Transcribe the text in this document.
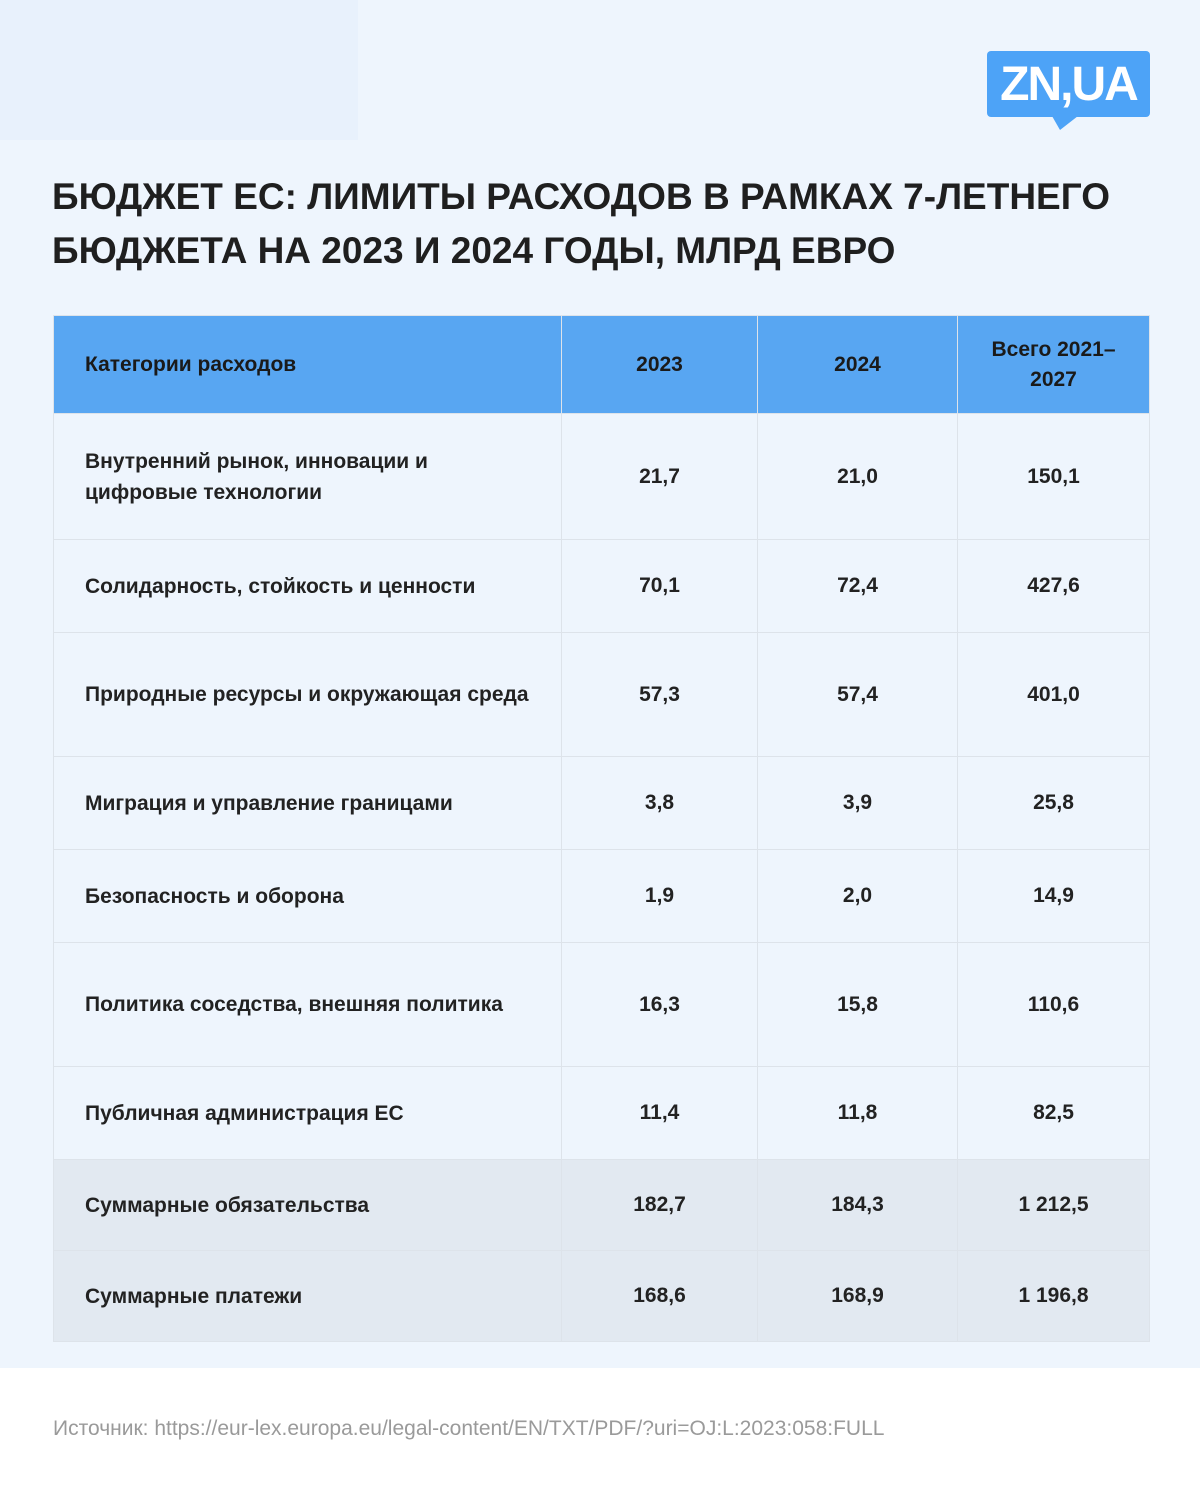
ZN,UA
БЮДЖЕТ ЕС: ЛИМИТЫ РАСХОДОВ В РАМКАХ 7-ЛЕТНЕГО БЮДЖЕТА НА 2023 И 2024 ГОДЫ, МЛРД ЕВРО
Категории расходов	2023	2024	Всего 2021–2027
Внутренний рынок, инновации и цифровые технологии	21,7	21,0	150,1
Солидарность, стойкость и ценности	70,1	72,4	427,6
Природные ресурсы и окружающая среда	57,3	57,4	401,0
Миграция и управление границами	3,8	3,9	25,8
Безопасность и оборона	1,9	2,0	14,9
Политика соседства, внешняя политика	16,3	15,8	110,6
Публичная администрация ЕС	11,4	11,8	82,5
Суммарные обязательства	182,7	184,3	1 212,5
Суммарные платежи	168,6	168,9	1 196,8
Источник: https://eur-lex.europa.eu/legal-content/EN/TXT/PDF/?uri=OJ:L:2023:058:FULL
